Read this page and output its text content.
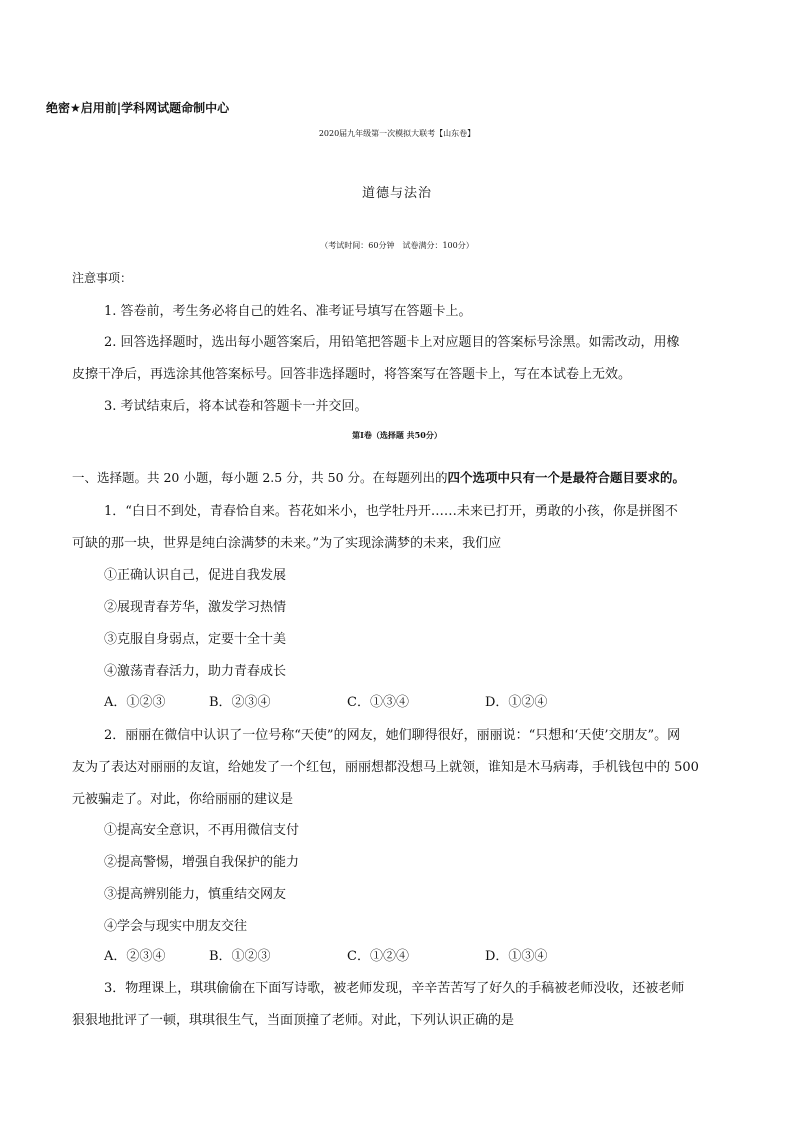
绝密★启用前|学科网试题命制中心
2020届九年级第一次模拟大联考【山东卷】
道德与法治
（考试时间：60分钟　试卷满分：100分）
注意事项：
1. 答卷前，考生务必将自己的姓名、准考证号填写在答题卡上。
2. 回答选择题时，选出每小题答案后，用铅笔把答题卡上对应题目的答案标号涂黑。如需改动，用橡
皮擦干净后，再选涂其他答案标号。回答非选择题时，将答案写在答题卡上，写在本试卷上无效。
3. 考试结束后，将本试卷和答题卡一并交回。
第Ⅰ卷（选择题 共50分）
一、选择题。共 20 小题，每小题 2.5 分，共 50 分。在每题列出的四个选项中只有一个是最符合题目要求的。
1．“白日不到处，青春恰自来。苔花如米小，也学牡丹开……未来已打开，勇敢的小孩，你是拼图不
可缺的那一块，世界是纯白涂满梦的未来。”为了实现涂满梦的未来，我们应
①正确认识自己，促进自我发展
②展现青春芳华，激发学习热情
③克服自身弱点，定要十全十美
④激荡青春活力，助力青春成长
A．①②③	B．②③④	C．①③④	D．①②④
2．丽丽在微信中认识了一位号称“天使”的网友，她们聊得很好，丽丽说：“只想和‘天使’交朋友”。网
友为了表达对丽丽的友谊，给她发了一个红包，丽丽想都没想马上就领，谁知是木马病毒，手机钱包中的 500
元被骗走了。对此，你给丽丽的建议是
①提高安全意识，不再用微信支付
②提高警惕，增强自我保护的能力
③提高辨别能力，慎重结交网友
④学会与现实中朋友交往
A．②③④	B．①②③	C．①②④	D．①③④
3．物理课上，琪琪偷偷在下面写诗歌，被老师发现，辛辛苦苦写了好久的手稿被老师没收，还被老师
狠狠地批评了一顿，琪琪很生气，当面顶撞了老师。对此，下列认识正确的是
